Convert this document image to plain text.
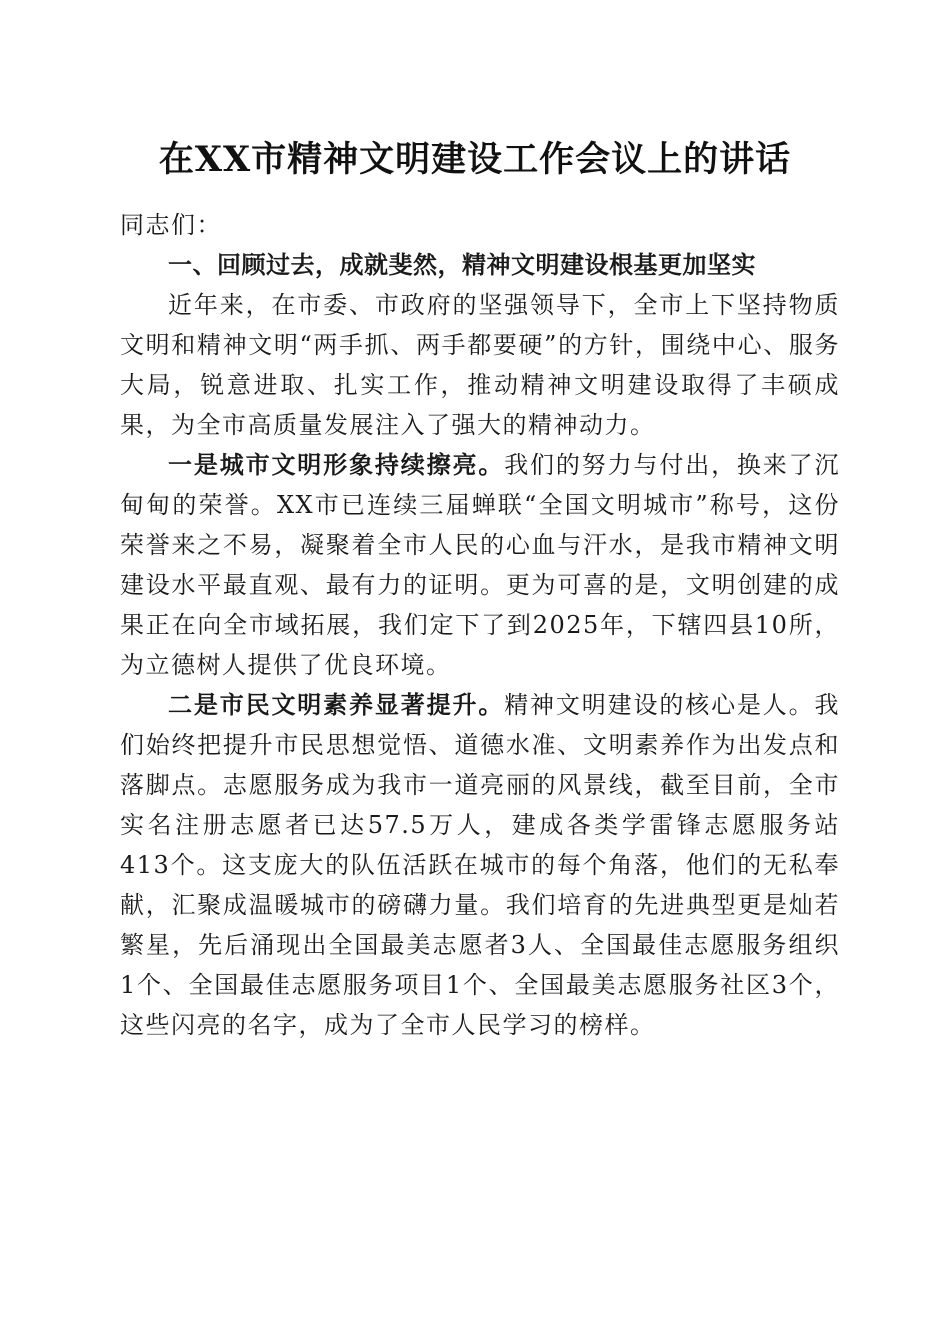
在XX市精神文明建设工作会议上的讲话

同志们：

一、回顾过去，成就斐然，精神文明建设根基更加坚实

近年来，在市委、市政府的坚强领导下，全市上下坚持物质文明和精神文明“两手抓、两手都要硬”的方针，围绕中心、服务大局，锐意进取、扎实工作，推动精神文明建设取得了丰硕成果，为全市高质量发展注入了强大的精神动力。

一是城市文明形象持续擦亮。我们的努力与付出，换来了沉甸甸的荣誉。XX市已连续三届蝉联“全国文明城市”称号，这份荣誉来之不易，凝聚着全市人民的心血与汗水，是我市精神文明建设水平最直观、最有力的证明。更为可喜的是，文明创建的成果正在向全市域拓展，我们定下了到2025年，下辖四县10所，为立德树人提供了优良环境。

二是市民文明素养显著提升。精神文明建设的核心是人。我们始终把提升市民思想觉悟、道德水准、文明素养作为出发点和落脚点。志愿服务成为我市一道亮丽的风景线，截至目前，全市实名注册志愿者已达57.5万人，建成各类学雷锋志愿服务站413个。这支庞大的队伍活跃在城市的每个角落，他们的无私奉献，汇聚成温暖城市的磅礴力量。我们培育的先进典型更是灿若繁星，先后涌现出全国最美志愿者3人、全国最佳志愿服务组织1个、全国最佳志愿服务项目1个、全国最美志愿服务社区3个，这些闪亮的名字，成为了全市人民学习的榜样。
